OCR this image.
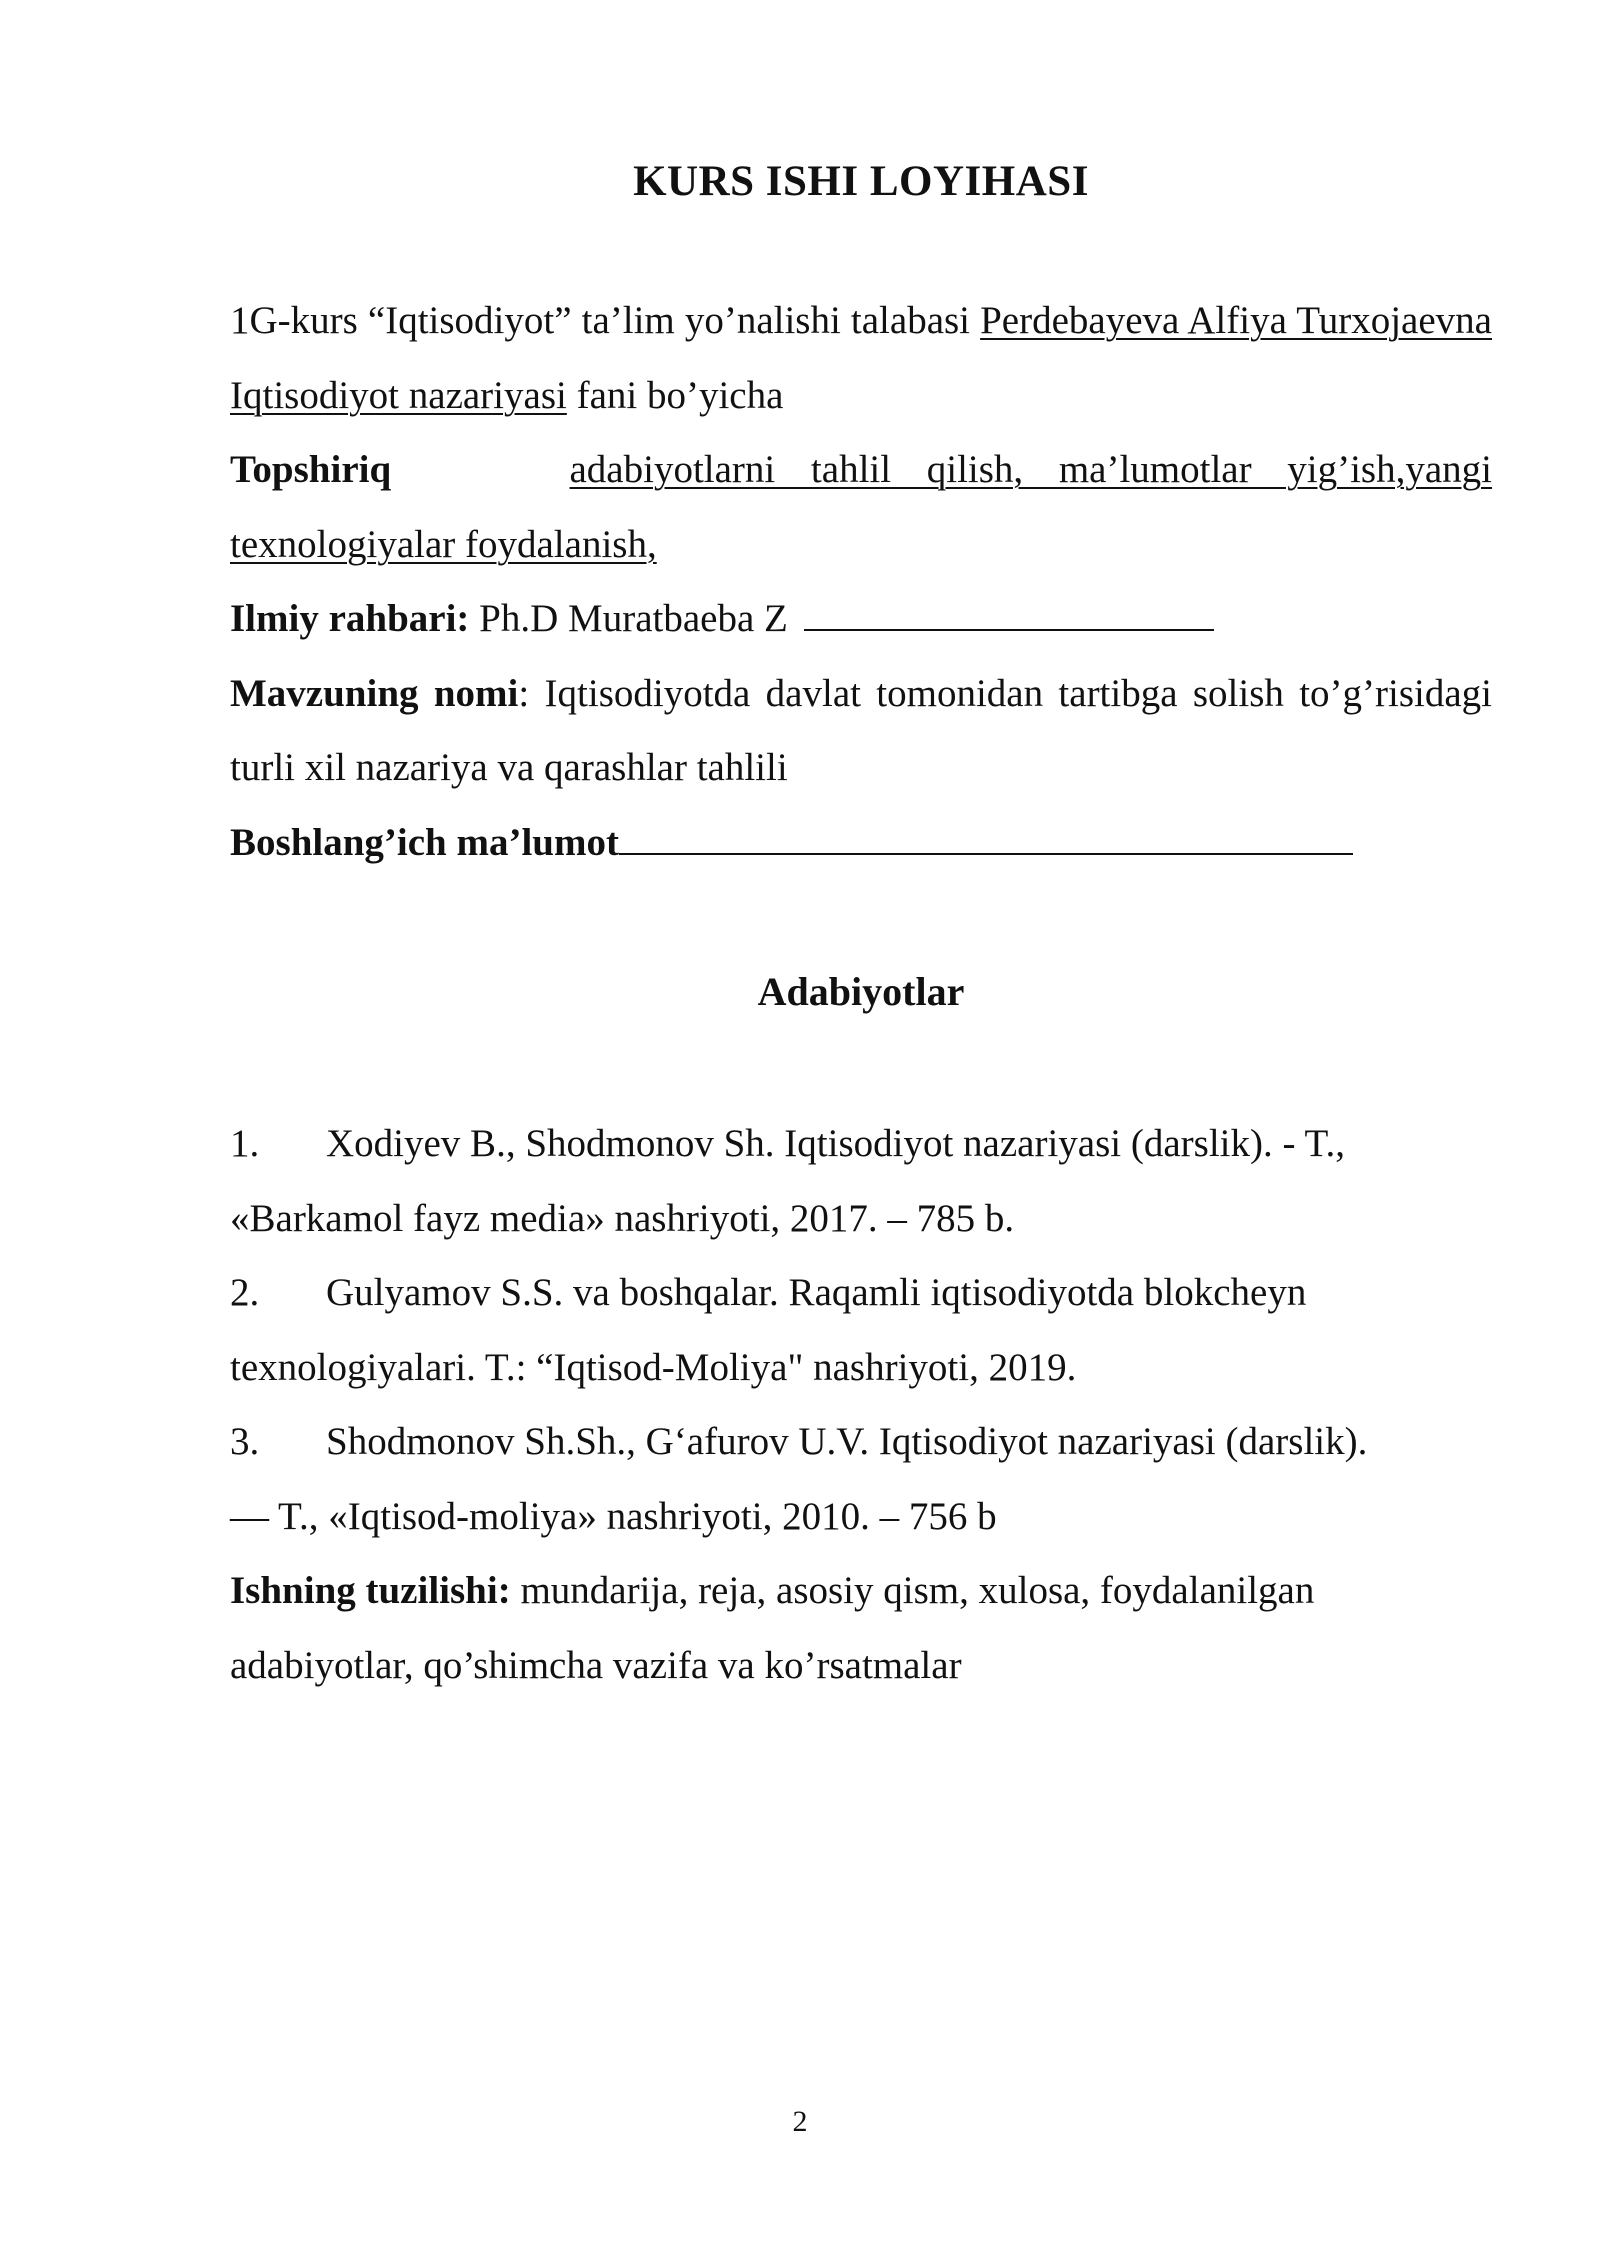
KURS ISHI LOYIHASI

1G-kurs “Iqtisodiyot” ta’lim yo’nalishi talabasi Perdebayeva Alfiya Turxojaevna Iqtisodiyot nazariyasi fani bo’yicha

Topshiriq	adabiyotlarni tahlil qilish, ma’lumotlar yig’ish,yangi texnologiyalar foydalanish,

Ilmiy rahbari: Ph.D Muratbaeba Z

Mavzuning nomi: Iqtisodiyotda davlat tomonidan tartibga solish to’g’risidagi turli xil nazariya va qarashlar tahlili

Boshlang’ich ma’lumot

Adabiyotlar

1. Xodiyev B., Shodmonov Sh. Iqtisodiyot nazariyasi (darslik). - T.,

«Barkamol fayz media» nashriyoti, 2017. – 785 b.

2. Gulyamov S.S. va boshqalar. Raqamli iqtisodiyotda blokcheyn

texnologiyalari. T.: “Iqtisod-Moliya" nashriyoti, 2019.

3. Shodmonov Sh.Sh., G‘afurov U.V. Iqtisodiyot nazariyasi (darslik).

— T., «Iqtisod-moliya» nashriyoti, 2010. – 756 b

Ishning tuzilishi: mundarija, reja, asosiy qism, xulosa, foydalanilgan adabiyotlar, qo’shimcha vazifa va ko’rsatmalar

2
